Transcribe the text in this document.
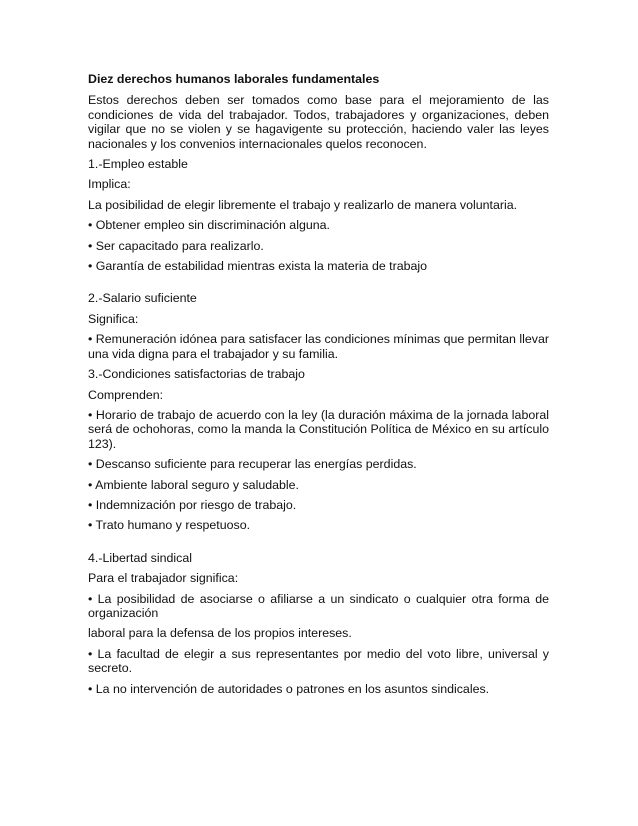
Diez derechos humanos laborales fundamentales

Estos derechos deben ser tomados como base para el mejoramiento de las condiciones de vida del trabajador. Todos, trabajadores y organizaciones, deben vigilar que no se violen y se hagavigente su protección, haciendo valer las leyes nacionales y los convenios internacionales quelos reconocen.

1.-Empleo estable

Implica:

La posibilidad de elegir libremente el trabajo y realizarlo de manera voluntaria.

• Obtener empleo sin discriminación alguna.

• Ser capacitado para realizarlo.

• Garantía de estabilidad mientras exista la materia de trabajo

2.-Salario suficiente

Significa:

• Remuneración idónea para satisfacer las condiciones mínimas que permitan llevar una vida digna para el trabajador y su familia.

3.-Condiciones satisfactorias de trabajo

Comprenden:

• Horario de trabajo de acuerdo con la ley (la duración máxima de la jornada laboral será de ochohoras, como la manda la Constitución Política de México en su artículo 123).

• Descanso suficiente para recuperar las energías perdidas.

• Ambiente laboral seguro y saludable.

• Indemnización por riesgo de trabajo.

• Trato humano y respetuoso.

4.-Libertad sindical

Para el trabajador significa:

• La posibilidad de asociarse o afiliarse a un sindicato o cualquier otra forma de organización

laboral para la defensa de los propios intereses.

• La facultad de elegir a sus representantes por medio del voto libre, universal y secreto.

• La no intervención de autoridades o patrones en los asuntos sindicales.
